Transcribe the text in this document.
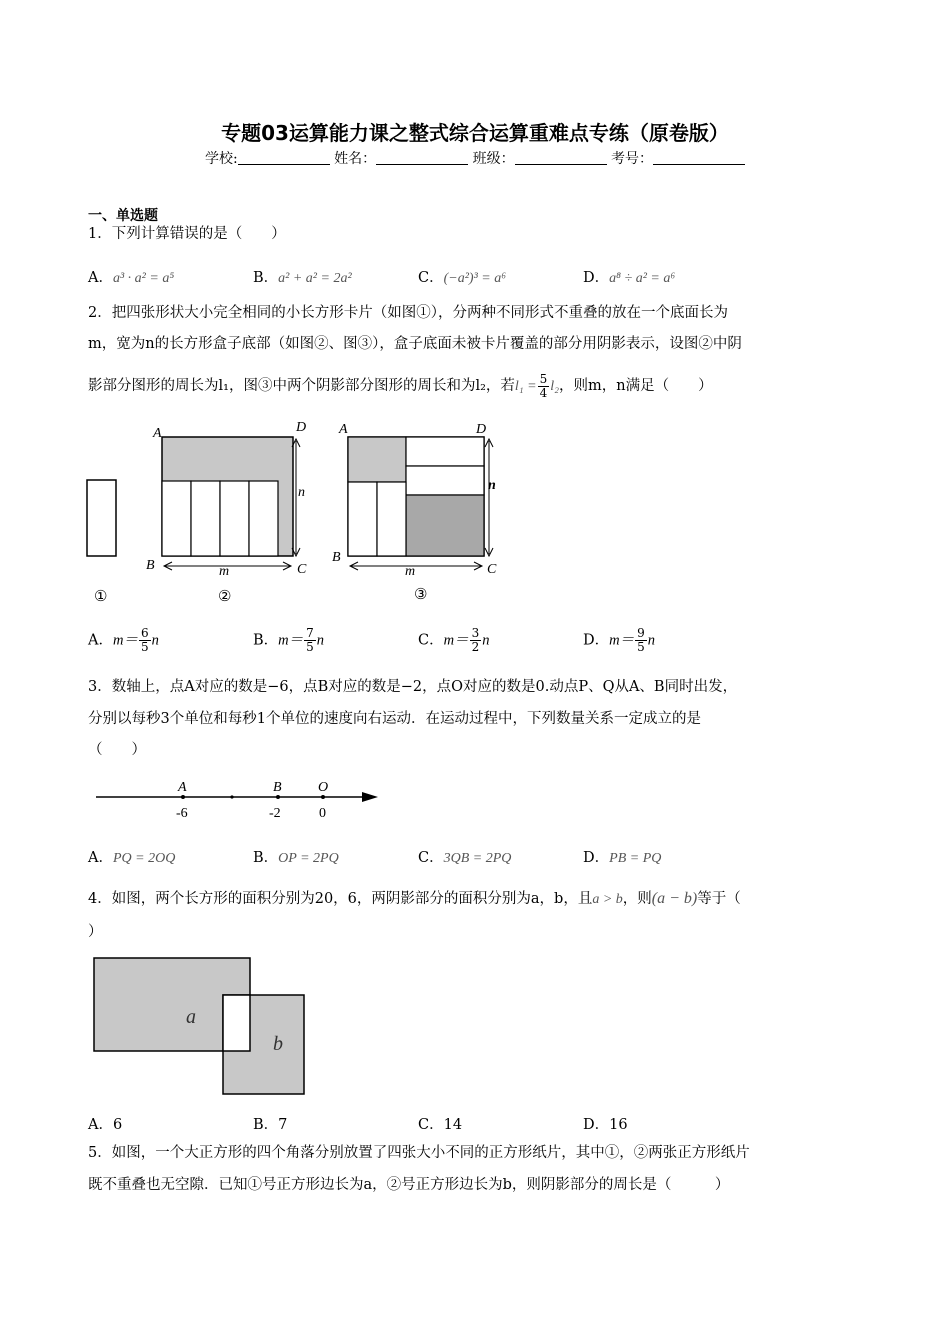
专题03运算能力课之整式综合运算重难点专练（原卷版）
学校:	姓名：	班级：	考号：
一、单选题
1．下列计算错误的是（　　）
A．a³ · a² = a⁵	B．a² + a² = 2a²	C．(−a²)³ = a⁶	D．a⁸ ÷ a² = a⁶
2．把四张形状大小完全相同的小长方形卡片（如图①），分两种不同形式不重叠的放在一个底面长为
m，宽为n的长方形盒子底部（如图②、图③），盒子底面未被卡片覆盖的部分用阴影表示，设图②中阴
影部分图形的周长为l₁，图③中两个阴影部分图形的周长和为l₂，若$l_1 = \frac{5}{4} l_2$，则m，n满足（　　）
①
A	D
B	C
n
m
②
A	D
B
C
n
m
③
A．$m= \frac{6}{5}$ n	B．$m= \frac{7}{5}$ n	C．$m= \frac{3}{2}$ n	D．$m= \frac{9}{5}$ n
3．数轴上，点A对应的数是−6，点B对应的数是−2，点O对应的数是0.动点P、Q从A、B同时出发，
分别以每秒3个单位和每秒1个单位的速度向右运动．在运动过程中，下列数量关系一定成立的是
（　　）
A	B	O
-6	-2	0
A．PQ = 2OQ	B．OP = 2PQ	C．3QB = 2PQ	D．PB = PQ
4．如图，两个长方形的面积分别为20，6，两阴影部分的面积分别为a，b，且a > b，则(a − b)等于（
）
a
b
A．6	B．7	C．14	D．16
5．如图，一个大正方形的四个角落分别放置了四张大小不同的正方形纸片，其中①，②两张正方形纸片
既不重叠也无空隙．已知①号正方形边长为a，②号正方形边长为b，则阴影部分的周长是（　　　）
